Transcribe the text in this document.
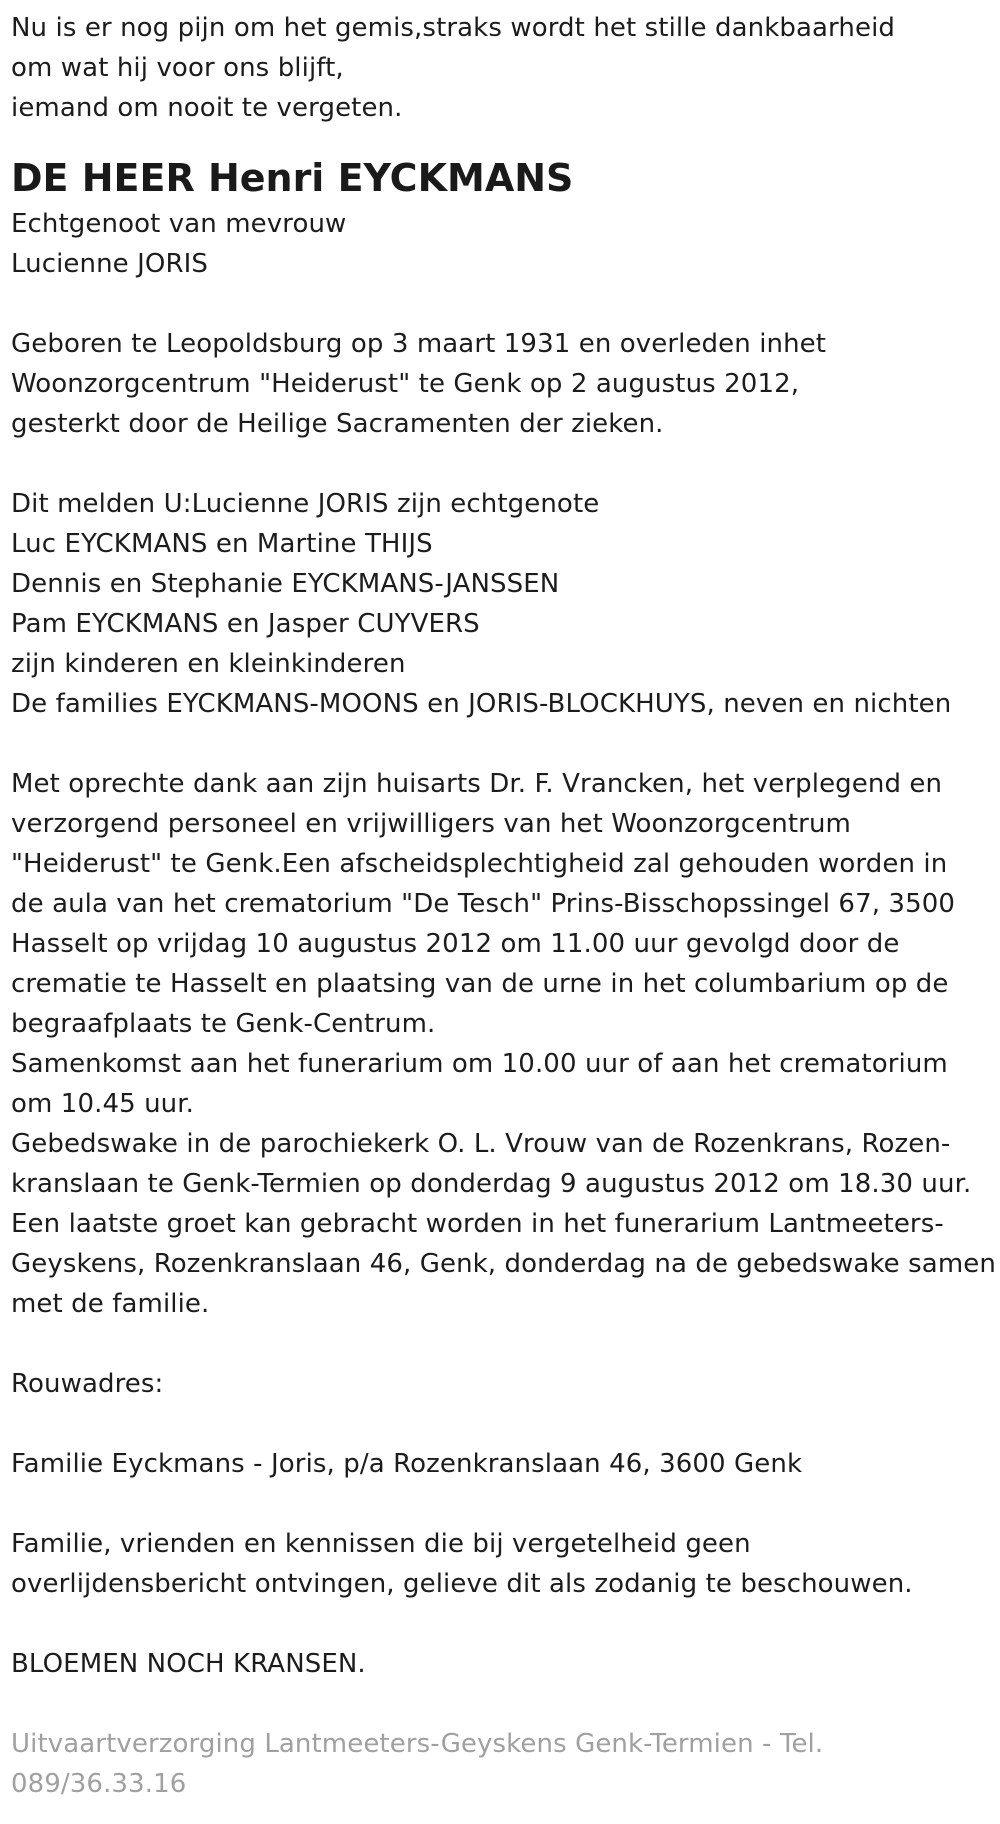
Nu is er nog pijn om het gemis,straks wordt het stille dankbaarheid
om wat hij voor ons blijft,
iemand om nooit te vergeten.
DE HEER Henri EYCKMANS
Echtgenoot van mevrouw
Lucienne JORIS
Geboren te Leopoldsburg op 3 maart 1931 en overleden inhet
Woonzorgcentrum "Heiderust" te Genk op 2 augustus 2012,
gesterkt door de Heilige Sacramenten der zieken.
Dit melden U:Lucienne JORIS zijn echtgenote
Luc EYCKMANS en Martine THIJS
Dennis en Stephanie EYCKMANS-JANSSEN
Pam EYCKMANS en Jasper CUYVERS
zijn kinderen en kleinkinderen
De families EYCKMANS-MOONS en JORIS-BLOCKHUYS, neven en nichten
Met oprechte dank aan zijn huisarts Dr. F. Vrancken, het verplegend en
verzorgend personeel en vrijwilligers van het Woonzorgcentrum
"Heiderust" te Genk.Een afscheidsplechtigheid zal gehouden worden in
de aula van het crematorium "De Tesch" Prins-Bisschopssingel 67, 3500
Hasselt op vrijdag 10 augustus 2012 om 11.00 uur gevolgd door de
crematie te Hasselt en plaatsing van de urne in het columbarium op de
begraafplaats te Genk-Centrum.
Samenkomst aan het funerarium om 10.00 uur of aan het crematorium
om 10.45 uur.
Gebedswake in de parochiekerk O. L. Vrouw van de Rozenkrans, Rozen-
kranslaan te Genk-Termien op donderdag 9 augustus 2012 om 18.30 uur.
Een laatste groet kan gebracht worden in het funerarium Lantmeeters-
Geyskens, Rozenkranslaan 46, Genk, donderdag na de gebedswake samen
met de familie.
Rouwadres:
Familie Eyckmans - Joris, p/a Rozenkranslaan 46, 3600 Genk
Familie, vrienden en kennissen die bij vergetelheid geen
overlijdensbericht ontvingen, gelieve dit als zodanig te beschouwen.
BLOEMEN NOCH KRANSEN.
Uitvaartverzorging Lantmeeters-Geyskens Genk-Termien - Tel.
089/36.33.16
